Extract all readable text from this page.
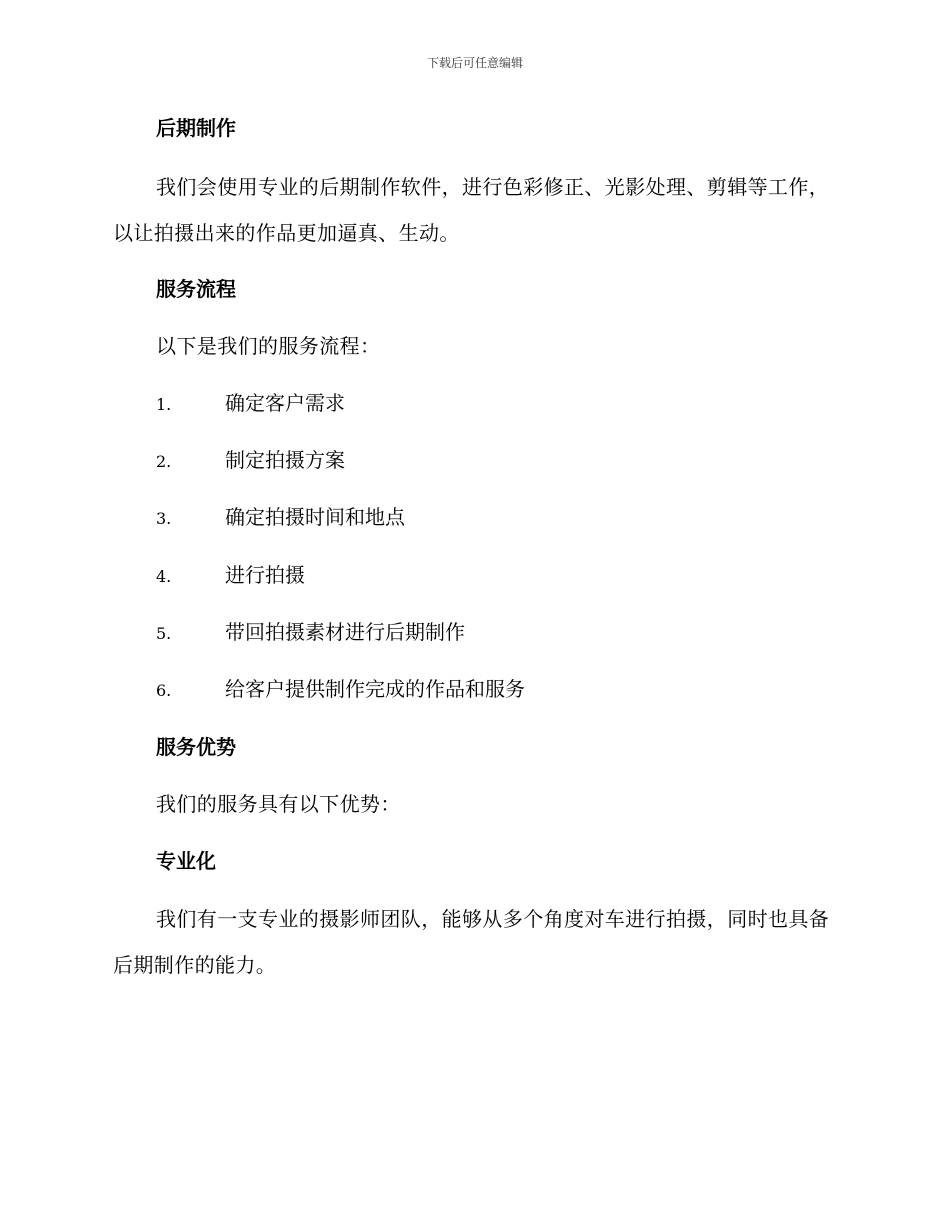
下载后可任意编辑
后期制作
我们会使用专业的后期制作软件，进行色彩修正、光影处理、剪辑等工作，以让拍摄出来的作品更加逼真、生动。
服务流程
以下是我们的服务流程：
1.	确定客户需求
2.	制定拍摄方案
3.	确定拍摄时间和地点
4.	进行拍摄
5.	带回拍摄素材进行后期制作
6.	给客户提供制作完成的作品和服务
服务优势
我们的服务具有以下优势：
专业化
我们有一支专业的摄影师团队，能够从多个角度对车进行拍摄，同时也具备后期制作的能力。
